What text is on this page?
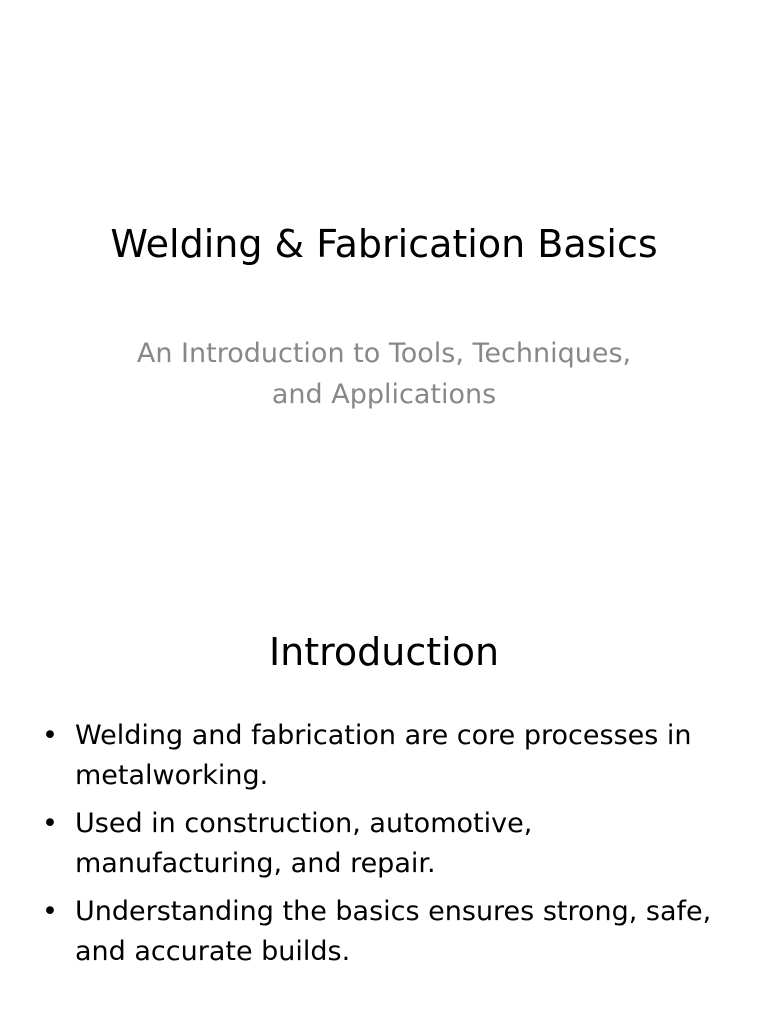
Welding & Fabrication Basics
An Introduction to Tools, Techniques, and Applications
Introduction
• Welding and fabrication are core processes in metalworking.
• Used in construction, automotive, manufacturing, and repair.
• Understanding the basics ensures strong, safe, and accurate builds.
